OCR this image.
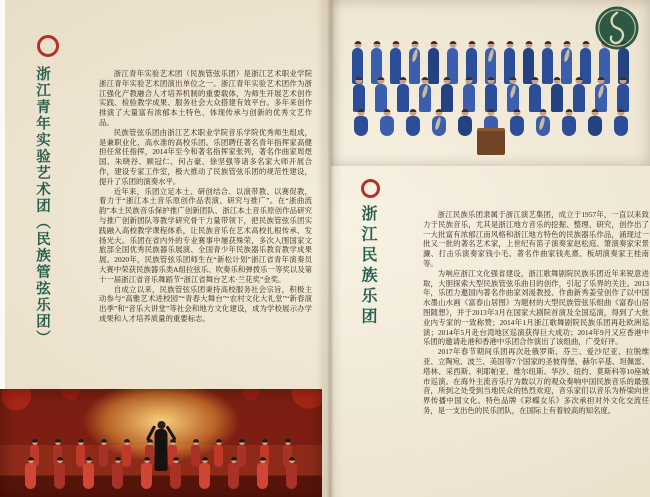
浙江青年实验艺术团（民族管弦乐团）	浙江青年实验艺术团（民族管弦乐团）是浙江艺术职业学院浙江青年实验艺术团演出单位之一。浙江青年实验艺术团作为浙江强化产教融合人才培养机制的重要载体，为师生开展艺术创作实践、检验教学成果、服务社会大众搭建有效平台。多年来创作排演了大量富有浓郁本土特色、体现传承与创新的优秀文艺作品。

民族管弦乐团由浙江艺术职业学院音乐学院优秀师生组成，是兼职业化、高水准的高校乐团。乐团聘任著名青年指挥家高健担任常任指挥，2014年至今和著名指挥家张列，著名作曲家周煜国、朱晓谷、顾冠仁、何占豪、徐坚强等诸多名家大师开展合作，建设专家工作室，极大推动了民族管弦乐团的规范性建设，提升了乐团的演奏水平。

近年来，乐团立足本土、研创结合、以演带教、以赛促教，着力于“浙江本土音乐原创作品表演、研究与推广”。在“浙曲流韵”本土民族音乐保护推广创新团队、浙江本土音乐原创作品研究与推广创新团队等教学研究骨干力量带领下，把民族管弦乐团实践融入高校教学课程体系，让民族音乐在艺术高校扎根传承、发扬光大。乐团在省内外的专业赛事中屡获殊荣，多次入围国家文旅部全国优秀民族器乐展演、全国青少年民族器乐教育教学成果展。2020年，民族管弦乐团师生在“新松计划”浙江省青年演奏员大赛中荣获民族器乐类A组拉弦乐、吹奏乐和弹拨乐一等奖以及第十一届浙江省音乐舞蹈节“浙江省舞台艺术·兰花奖”金奖。

自成立以来，民族管弦乐团秉持高校服务社会宗旨，积极主动参与“高雅艺术进校园”“青春大舞台”“农村文化大礼堂”“新春演出季”和“音乐大讲堂”等社会和地方文化建设，成为学校展示办学成果和人才培养质量的重要标志。	浙江民族乐团	浙江民族乐团隶属于浙江演艺集团，成立于1957年，一直以来致力于民族音乐，尤其是浙江地方音乐的挖掘、整理、研究，创作出了一大批富有浓郁江南风格和浙江地方特色的民族器乐作品，涌现过一批又一批的著名艺术家，上世纪有笛子演奏家赵松庭、箫演奏家宋景濂、打击乐演奏家钱小毛、著名作曲家钱兆熹、板胡演奏家王桂南等。

为响应浙江文化强省建设，浙江歌舞剧院民族乐团近年来锐意进取，大胆探索大型民族管弦乐曲目的创作，引起了乐界的关注。2013年，乐团力邀国内著名作曲家刘湲教授、作曲新秀姜莹创作了以中国水墨山水画《富春山居图》为题材的大型民族管弦乐组曲《富春山居图随想》，并于2013年3月在国家大剧院首演及全国巡演，得到了大批业内专家的一致称赞；2014年1月浙江歌舞剧院民族乐团再赴欧洲巡演；2014年5月赴台湾地区巡演获得巨大成功；2014年9月又应香港中乐团的邀请赴港和香港中乐团合作演出了该组曲，广受好评。

2017年春节期间乐团再次赴俄罗斯、芬兰、爱沙尼亚、拉脱维亚、立陶宛、波兰、美国等7个国家的圣彼得堡、赫尔辛基、坦佩雷、塔林、采西斯、利耶帕亚、维尔纽斯、华沙、纽约、莫斯科等10座城市巡演。在海外主流音乐厅为数以万的观众奏响中国民族音乐的最强音，所到之处受到当地民众的热烈欢迎，音乐家们以音乐为桥梁向世界传播中国文化。特色品牌《彩蝶女乐》多次承担对外文化交流任务，是一支出色的民乐团队，在国际上有着较高的知名度。
